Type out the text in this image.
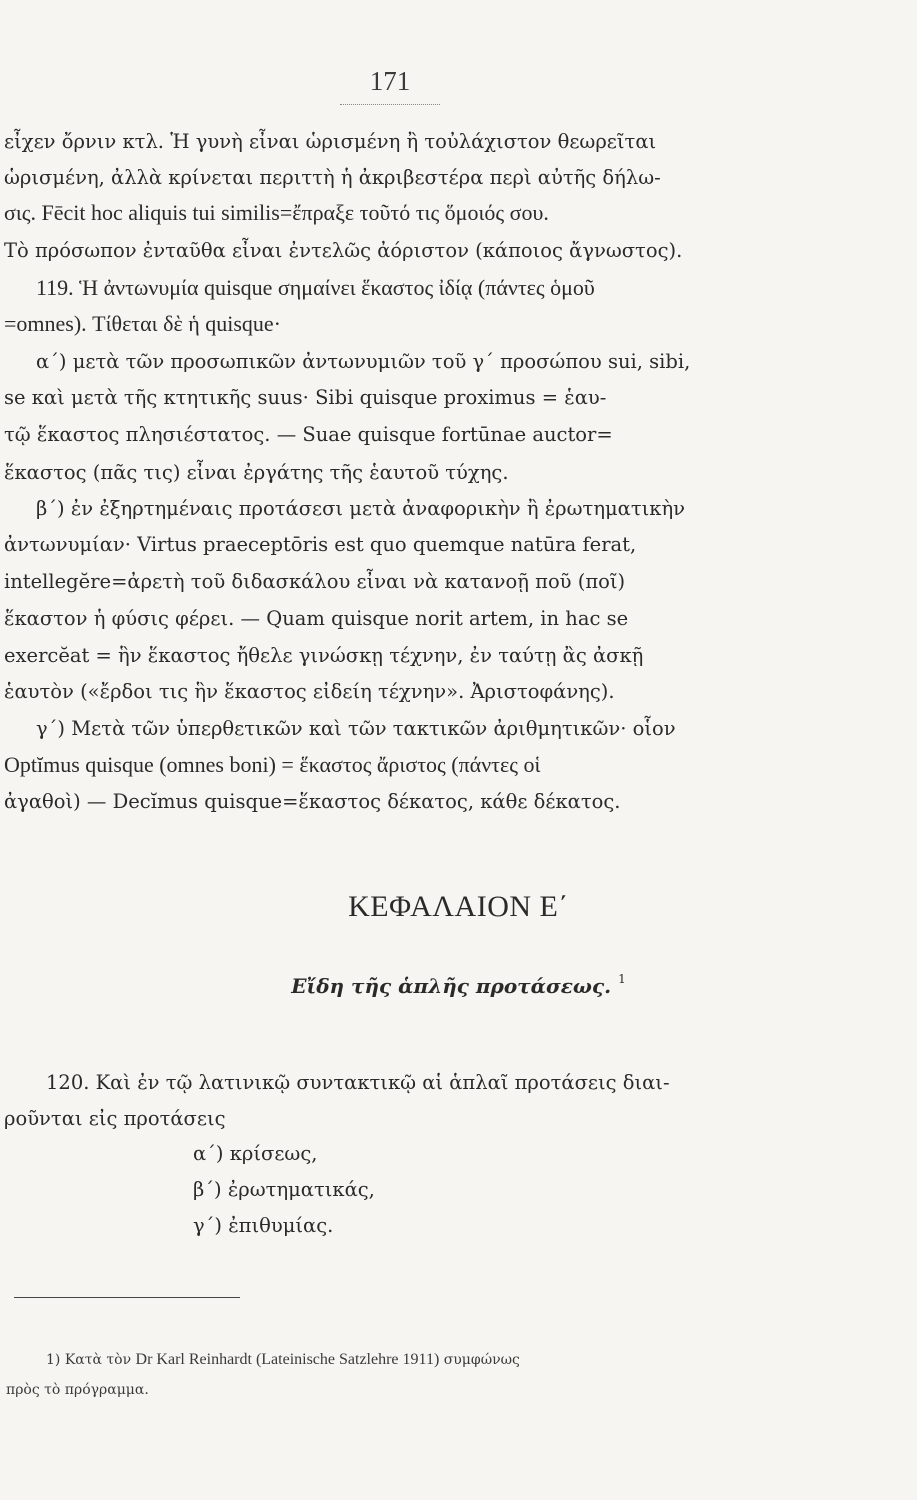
171
εἶχεν ὄρνιν κτλ. Ἡ γυνὴ εἶναι ὡρισμένη ἢ τοὐλάχιστον θεωρεῖται
ὡρισμένη, ἀλλὰ κρίνεται περιττὴ ἡ ἀκριβεστέρα περὶ αὐτῆς δήλω-
σις. Fēcit hoc aliquis tui similis=ἔπραξε τοῦτό τις ὅμοιός σου.
Τὸ πρόσωπον ἐνταῦθα εἶναι ἐντελῶς ἀόριστον (κάποιος ἄγνωστος).
119. Ἡ ἀντωνυμία quisque σημαίνει ἕκαστος ἰδίᾳ (πάντες ὁμοῦ
=omnes). Τίθεται δὲ ἡ quisque·
α΄) μετὰ τῶν προσωπικῶν ἀντωνυμιῶν τοῦ γ΄ προσώπου sui, sibi,
se καὶ μετὰ τῆς κτητικῆς suus· Sibi quisque proximus = ἑαυ-
τῷ ἕκαστος πλησιέστατος. — Suae quisque fortūnae auctor=
ἕκαστος (πᾶς τις) εἶναι ἐργάτης τῆς ἑαυτοῦ τύχης.
β΄) ἐν ἐξηρτημέναις προτάσεσι μετὰ ἀναφορικὴν ἢ ἐρωτηματικὴν
ἀντωνυμίαν· Virtus praeceptōris est quo quemque natūra ferat,
intellegĕre=ἀρετὴ τοῦ διδασκάλου εἶναι νὰ κατανοῇ ποῦ (ποῖ)
ἕκαστον ἡ φύσις φέρει. — Quam quisque norit artem, in hac se
exercĕat = ἣν ἕκαστος ἤθελε γινώσκῃ τέχνην, ἐν ταύτῃ ἂς ἀσκῇ
ἑαυτὸν («ἔρδοι τις ἣν ἕκαστος εἰδείη τέχνην». Ἀριστοφάνης).
γ΄) Μετὰ τῶν ὑπερθετικῶν καὶ τῶν τακτικῶν ἀριθμητικῶν· οἷον
Optĭmus quisque (omnes boni) = ἕκαστος ἄριστος (πάντες οἱ
ἀγαθοὶ) — Decĭmus quisque=ἕκαστος δέκατος, κάθε δέκατος.
ΚΕΦΑΛΑΙΟΝ Ε΄
Εἴδη τῆς ἁπλῆς προτάσεως. $^1$
120. Καὶ ἐν τῷ λατινικῷ συντακτικῷ αἱ ἁπλαῖ προτάσεις διαι-
ροῦνται εἰς προτάσεις
α΄) κρίσεως,
β΄) ἐρωτηματικάς,
γ΄) ἐπιθυμίας.
1) Κατὰ τὸν Dr Karl Reinhardt (Lateinische Satzlehre 1911) συμφώνως
πρὸς τὸ πρόγραμμα.
